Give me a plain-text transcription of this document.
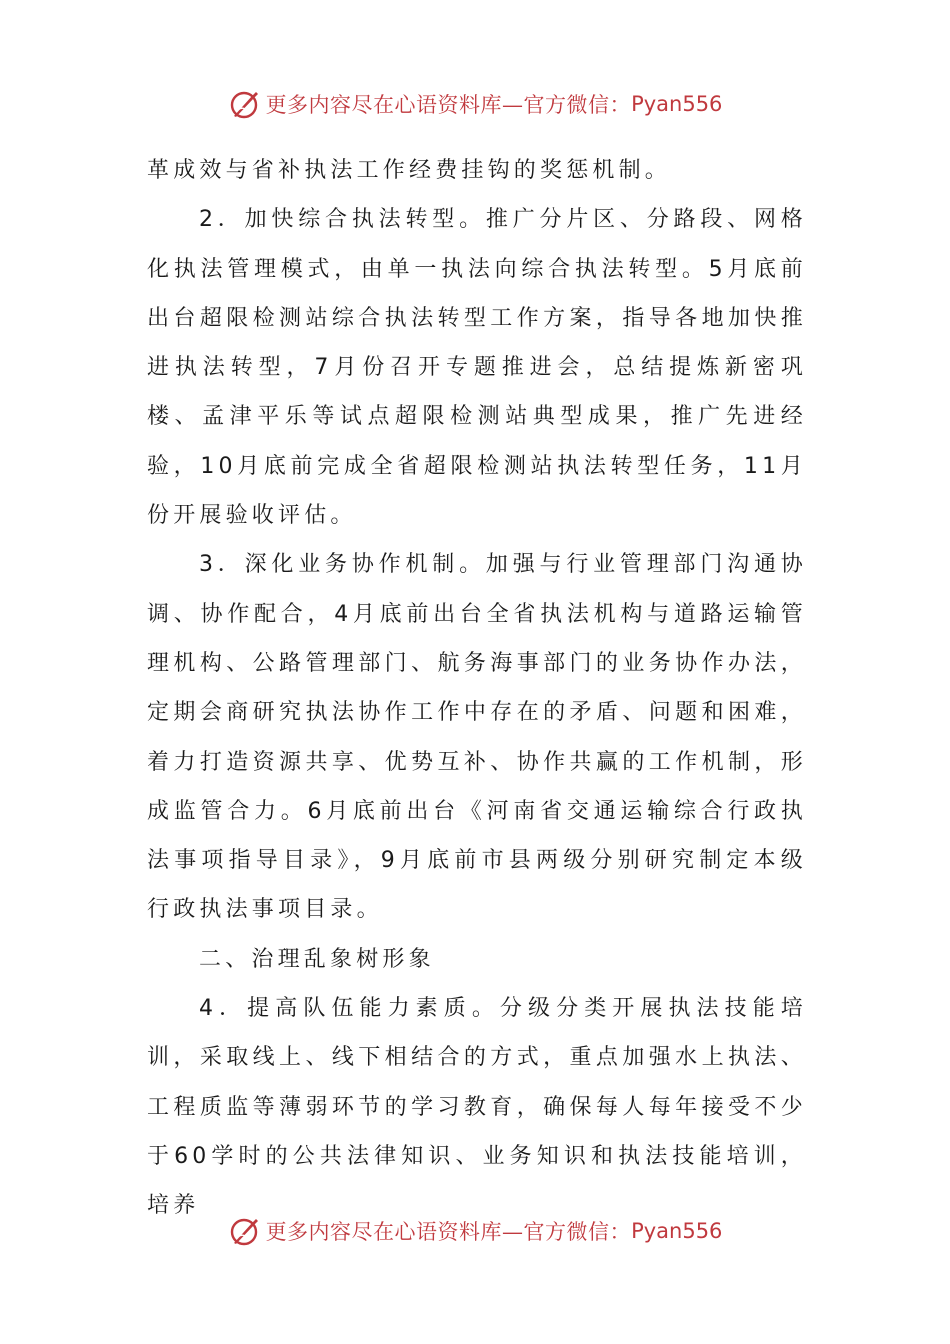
更多内容尽在心语资料库—官方微信： Pyan556

革成效与省补执法工作经费挂钩的奖惩机制。

2．加快综合执法转型。推广分片区、分路段、网格化执法管理模式，由单一执法向综合执法转型。5月底前出台超限检测站综合执法转型工作方案，指导各地加快推进执法转型，7月份召开专题推进会，总结提炼新密巩楼、孟津平乐等试点超限检测站典型成果，推广先进经验，10月底前完成全省超限检测站执法转型任务，11月份开展验收评估。

3．深化业务协作机制。加强与行业管理部门沟通协调、协作配合，4月底前出台全省执法机构与道路运输管理机构、公路管理部门、航务海事部门的业务协作办法，定期会商研究执法协作工作中存在的矛盾、问题和困难，着力打造资源共享、优势互补、协作共赢的工作机制，形成监管合力。6月底前出台《河南省交通运输综合行政执法事项指导目录》，9月底前市县两级分别研究制定本级行政执法事项目录。

二、治理乱象树形象

4．提高队伍能力素质。分级分类开展执法技能培训，采取线上、线下相结合的方式，重点加强水上执法、工程质监等薄弱环节的学习教育，确保每人每年接受不少于60学时的公共法律知识、业务知识和执法技能培训，培养

更多内容尽在心语资料库—官方微信： Pyan556
